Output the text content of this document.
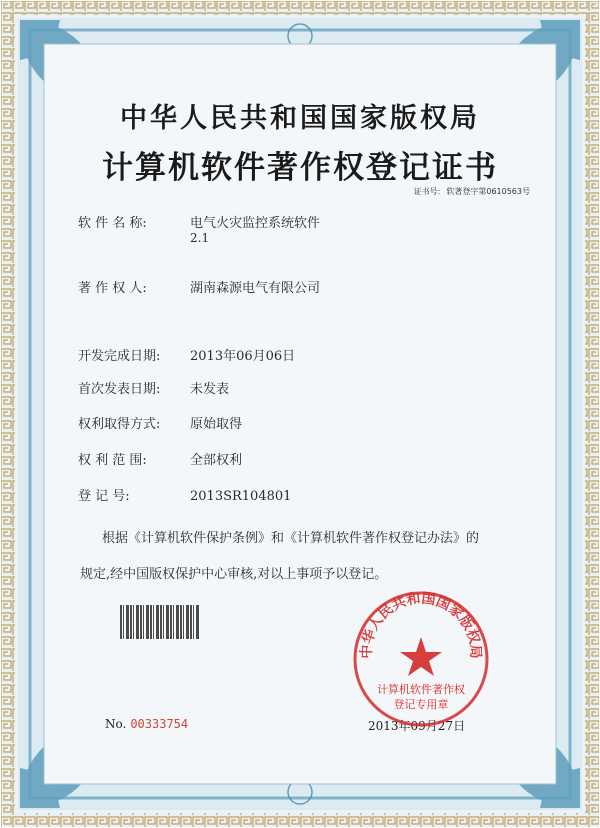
中华人民共和国国家版权局
计算机软件著作权登记证书
证书号: 软著登字第0610563号
软 件 名 称:	电气火灾监控系统软件
2.1
著 作 权 人:	湖南森源电气有限公司
开发完成日期: 2013年06月06日
首次发表日期: 未发表
权利取得方式: 原始取得
权 利 范 围:	全部权利
登 记 号:	2013SR104801
根据《计算机软件保护条例》和《计算机软件著作权登记办法》的
规定,经中国版权保护中心审核,对以上事项予以登记。
No. 00333754	2013年09月27日
中华人民共和国国家版权局
计算机软件著作权
登记专用章
